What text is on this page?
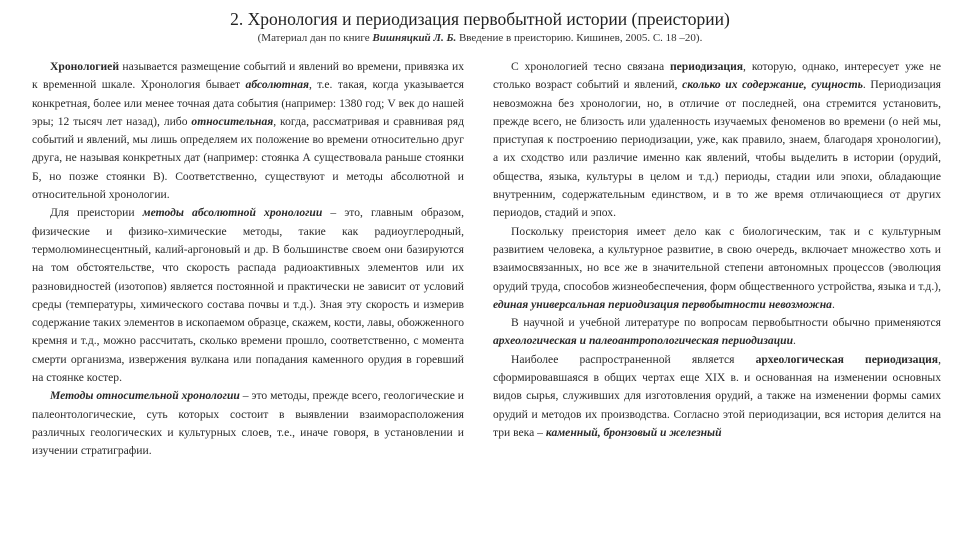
2. Хронология и периодизация первобытной истории (преистории)
(Материал дан по книге Вишняцкий Л. Б. Введение в преисторию. Кишинев, 2005. С. 18 –20).

Хронологией называется размещение событий и явлений во времени, привязка их к временной шкале. Хронология бывает абсолютная, т.е. такая, когда указывается конкретная, более или менее точная дата события (например: 1380 год; V век до нашей эры; 12 тысяч лет назад), либо относительная, когда, рассматривая и сравнивая ряд событий и явлений, мы лишь определяем их положение во времени относительно друг друга, не называя конкретных дат (например: стоянка А существовала раньше стоянки Б, но позже стоянки В). Соответственно, существуют и методы абсолютной и относительной хронологии.

Для преистории методы абсолютной хронологии – это, главным образом, физические и физико-химические методы, такие как радиоуглеродный, термолюминесцентный, калий-аргоновый и др. В большинстве своем они базируются на том обстоятельстве, что скорость распада радиоактивных элементов или их разновидностей (изотопов) является постоянной и практически не зависит от условий среды (температуры, химического состава почвы и т.д.). Зная эту скорость и измерив содержание таких элементов в ископаемом образце, скажем, кости, лавы, обожженного кремня и т.д., можно рассчитать, сколько времени прошло, соответственно, с момента смерти организма, извержения вулкана или попадания каменного орудия в горевший на стоянке костер.

Методы относительной хронологии – это методы, прежде всего, геологические и палеонтологические, суть которых состоит в выявлении взаиморасположения различных геологических и культурных слоев, т.е., иначе говоря, в установлении и изучении стратиграфии.

С хронологией тесно связана периодизация, которую, однако, интересует уже не столько возраст событий и явлений, сколько их содержание, сущность. Периодизация невозможна без хронологии, но, в отличие от последней, она стремится установить, прежде всего, не близость или удаленность изучаемых феноменов во времени (о ней мы, приступая к построению периодизации, уже, как правило, знаем, благодаря хронологии), а их сходство или различие именно как явлений, чтобы выделить в истории (орудий, общества, языка, культуры в целом и т.д.) периоды, стадии или эпохи, обладающие внутренним, содержательным единством, и в то же время отличающиеся от других периодов, стадий и эпох.

Поскольку преистория имеет дело как с биологическим, так и с культурным развитием человека, а культурное развитие, в свою очередь, включает множество хоть и взаимосвязанных, но все же в значительной степени автономных процессов (эволюция орудий труда, способов жизнеобеспечения, форм общественного устройства, языка и т.д.), единая универсальная периодизация первобытности невозможна.

В научной и учебной литературе по вопросам первобытности обычно применяются археологическая и палеоантропологическая периодизации.

Наиболее распространенной является археологическая периодизация, сформировавшаяся в общих чертах еще XIX в. и основанная на изменении основных видов сырья, служивших для изготовления орудий, а также на изменении формы самих орудий и методов их производства. Согласно этой периодизации, вся история делится на три века – каменный, бронзовый и железный
